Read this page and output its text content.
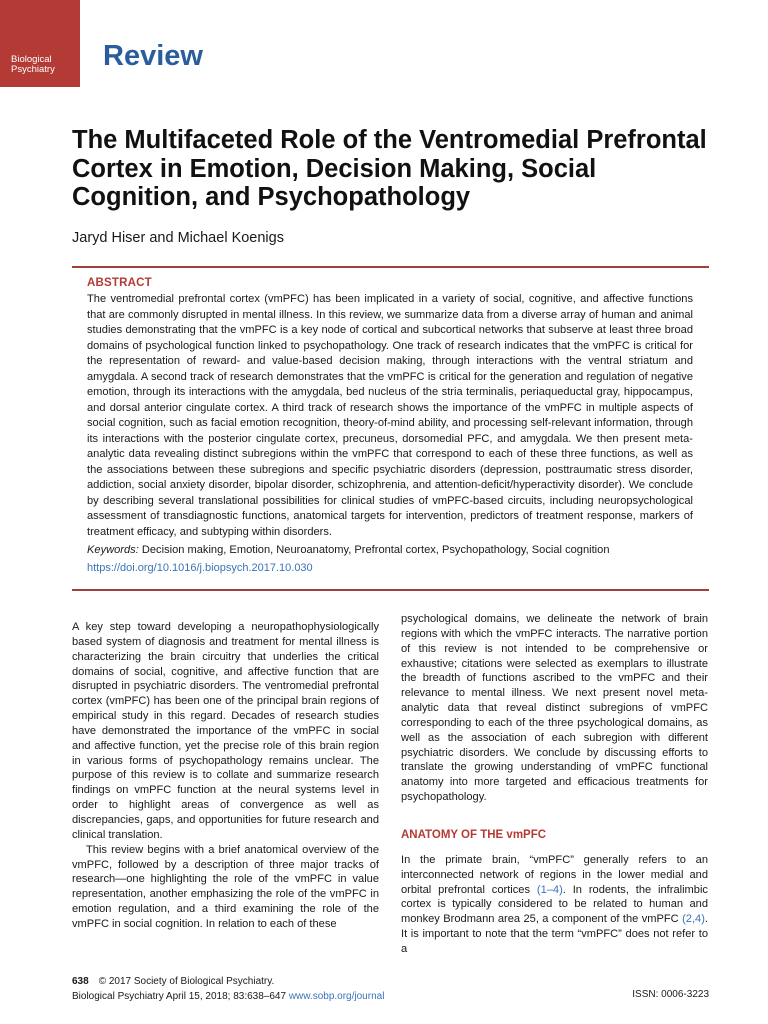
Biological
Psychiatry	Review
The Multifaceted Role of the Ventromedial Prefrontal Cortex in Emotion, Decision Making, Social Cognition, and Psychopathology
Jaryd Hiser and Michael Koenigs
ABSTRACT

The ventromedial prefrontal cortex (vmPFC) has been implicated in a variety of social, cognitive, and affective functions that are commonly disrupted in mental illness. In this review, we summarize data from a diverse array of human and animal studies demonstrating that the vmPFC is a key node of cortical and subcortical networks that subserve at least three broad domains of psychological function linked to psychopathology. One track of research indicates that the vmPFC is critical for the representation of reward- and value-based decision making, through interactions with the ventral striatum and amygdala. A second track of research demonstrates that the vmPFC is critical for the generation and regulation of negative emotion, through its interactions with the amygdala, bed nucleus of the stria terminalis, periaqueductal gray, hippocampus, and dorsal anterior cingulate cortex. A third track of research shows the importance of the vmPFC in multiple aspects of social cognition, such as facial emotion recognition, theory-of-mind ability, and processing self-relevant information, through its interactions with the posterior cingulate cortex, precuneus, dorsomedial PFC, and amygdala. We then present meta-analytic data revealing distinct subregions within the vmPFC that correspond to each of these three functions, as well as the associations between these subregions and specific psychiatric disorders (depression, posttraumatic stress disorder, addiction, social anxiety disorder, bipolar disorder, schizophrenia, and attention-deficit/hyperactivity disorder). We conclude by describing several translational possibilities for clinical studies of vmPFC-based circuits, including neuropsychological assessment of transdiagnostic functions, anatomical targets for intervention, predictors of treatment response, markers of treatment efficacy, and subtyping within disorders.

Keywords: Decision making, Emotion, Neuroanatomy, Prefrontal cortex, Psychopathology, Social cognition
https://doi.org/10.1016/j.biopsych.2017.10.030

A key step toward developing a neuropathophysiologically based system of diagnosis and treatment for mental illness is characterizing the brain circuitry that underlies the critical domains of social, cognitive, and affective function that are disrupted in psychiatric disorders. The ventromedial prefrontal cortex (vmPFC) has been one of the principal brain regions of empirical study in this regard. Decades of research studies have demonstrated the importance of the vmPFC in social and affective function, yet the precise role of this brain region in various forms of psychopathology remains unclear. The purpose of this review is to collate and summarize research findings on vmPFC function at the neural systems level in order to highlight areas of convergence as well as discrepancies, gaps, and opportunities for future research and clinical translation.

This review begins with a brief anatomical overview of the vmPFC, followed by a description of three major tracks of research—one highlighting the role of the vmPFC in value representation, another emphasizing the role of the vmPFC in emotion regulation, and a third examining the role of the vmPFC in social cognition. In relation to each of these

psychological domains, we delineate the network of brain regions with which the vmPFC interacts. The narrative portion of this review is not intended to be comprehensive or exhaustive; citations were selected as exemplars to illustrate the breadth of functions ascribed to the vmPFC and their relevance to mental illness. We next present novel meta-analytic data that reveal distinct subregions of vmPFC corresponding to each of the three psychological domains, as well as the association of each subregion with different psychiatric disorders. We conclude by discussing efforts to translate the growing understanding of vmPFC functional anatomy into more targeted and efficacious treatments for psychopathology.

ANATOMY OF THE vmPFC

In the primate brain, “vmPFC” generally refers to an interconnected network of regions in the lower medial and orbital prefrontal cortices (1–4). In rodents, the infralimbic cortex is typically considered to be related to human and monkey Brodmann area 25, a component of the vmPFC (2,4). It is important to note that the term “vmPFC” does not refer to a

638 © 2017 Society of Biological Psychiatry.
Biological Psychiatry April 15, 2018; 83:638–647 www.sobp.org/journal	ISSN: 0006-3223
